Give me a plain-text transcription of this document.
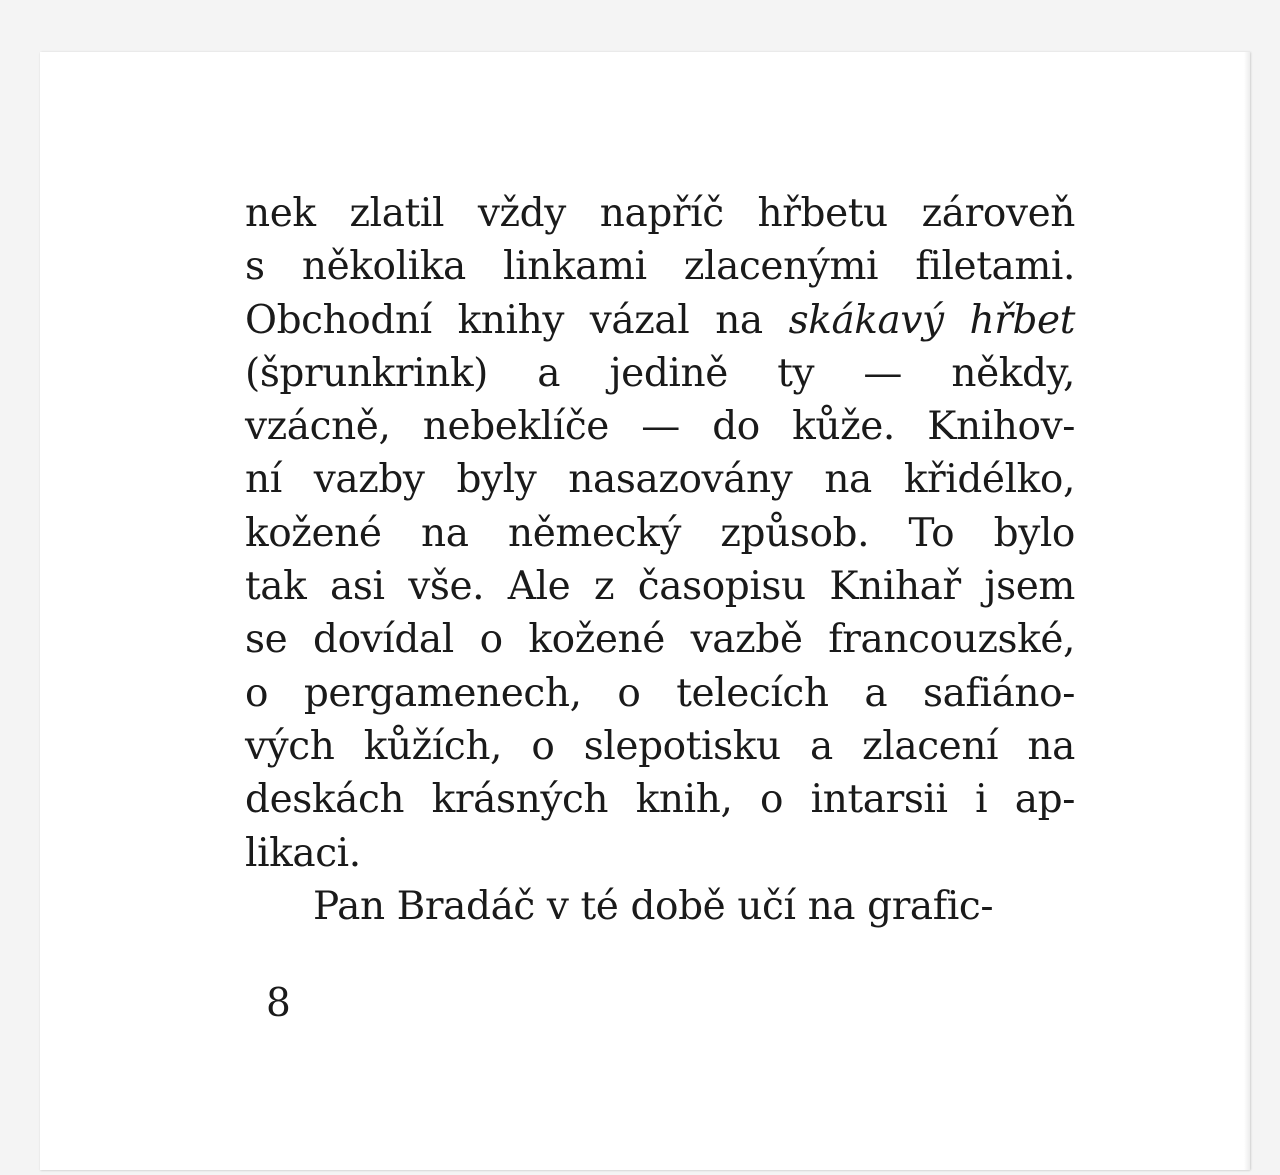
nek zlatil vždy napříč hřbetu zároveň
s několika linkami zlacenými filetami.
Obchodní knihy vázal na skákavý hřbet
(šprunkrink) a jedině ty — někdy,
vzácně, nebeklíče — do kůže. Knihov-
ní vazby byly nasazovány na křidélko,
kožené na německý způsob. To bylo
tak asi vše. Ale z časopisu Knihař jsem
se dovídal o kožené vazbě francouzské,
o pergamenech, o telecích a safiáno-
vých kůžích, o slepotisku a zlacení na
deskách krásných knih, o intarsii i ap-
likaci.
Pan Bradáč v té době učí na grafic-
8
